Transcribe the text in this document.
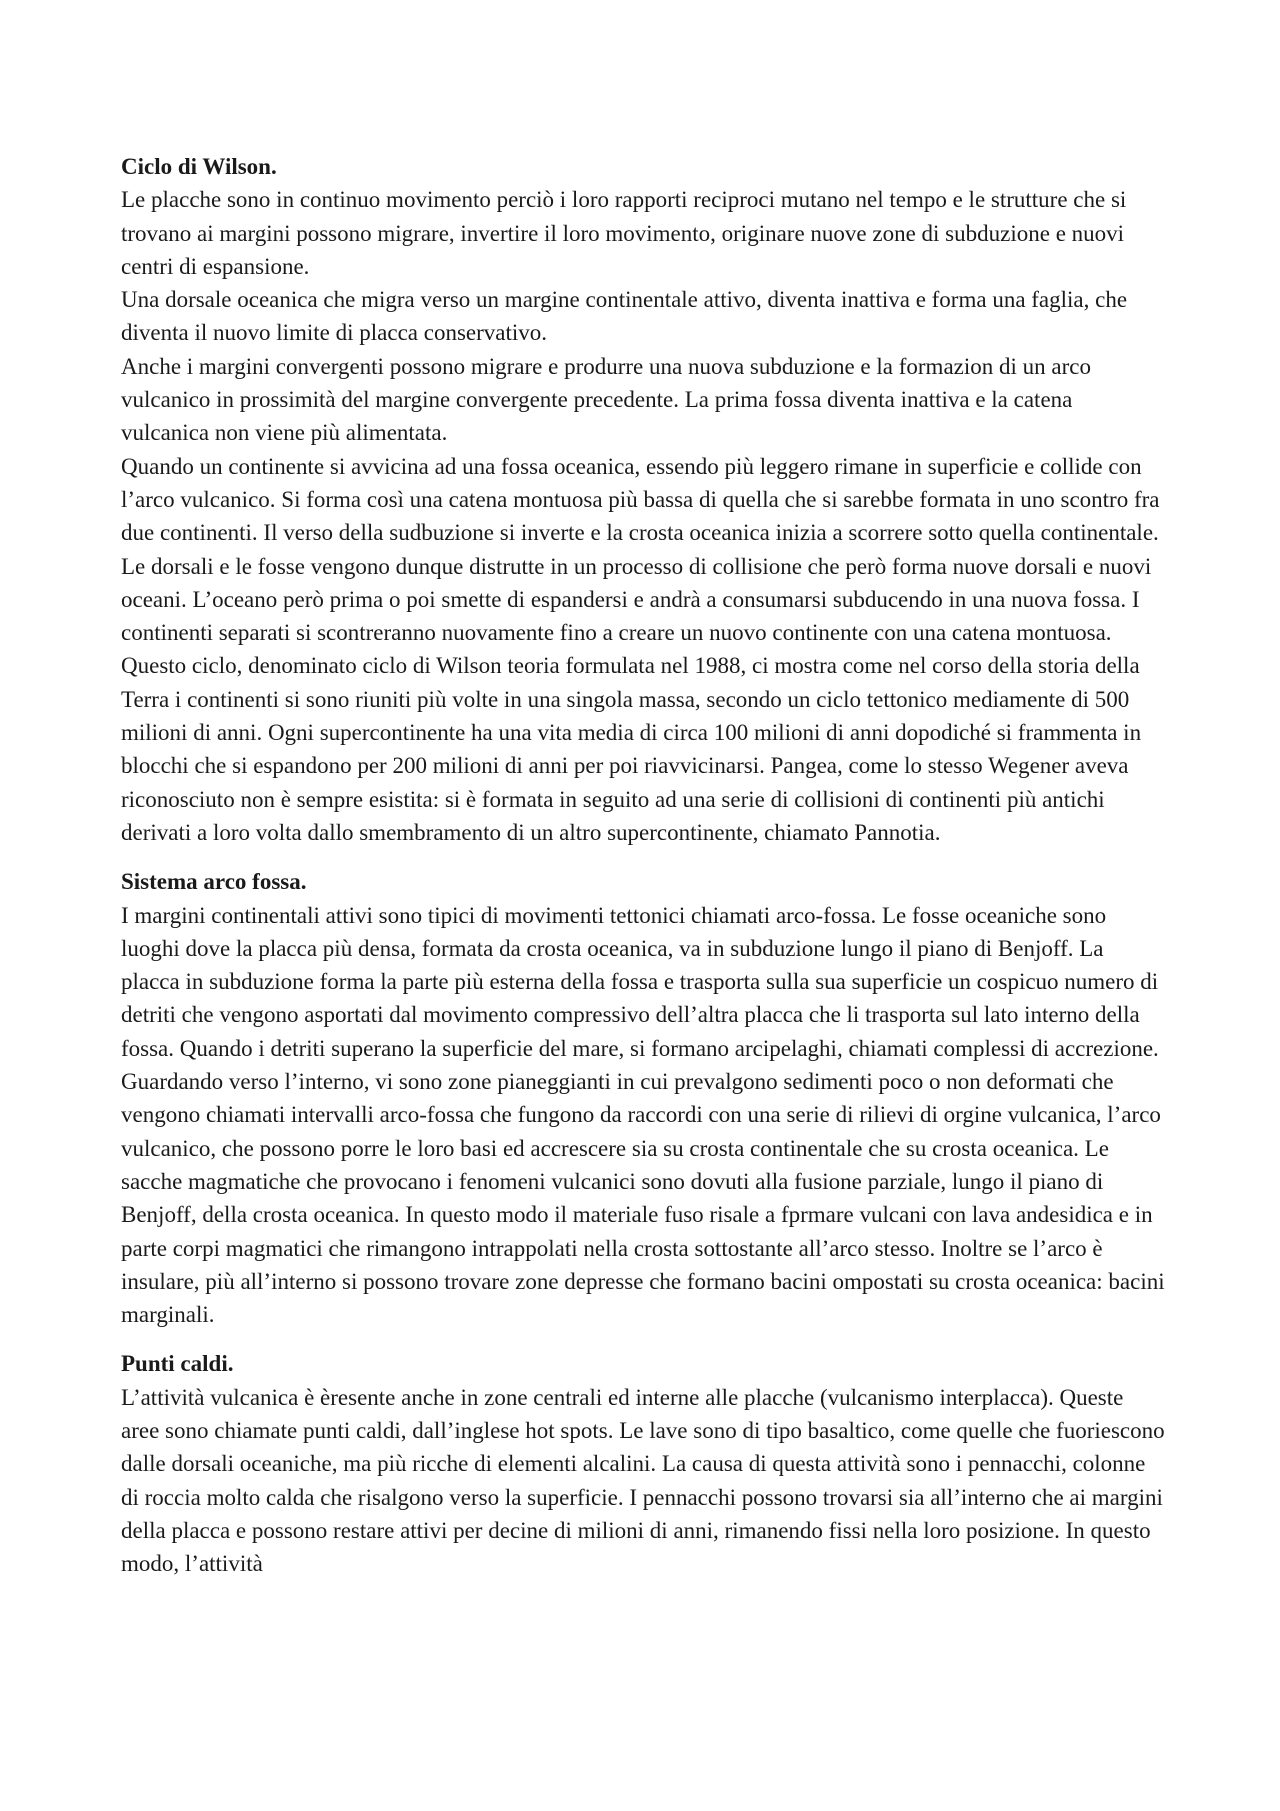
Ciclo di Wilson.

Le placche sono in continuo movimento perciò i loro rapporti reciproci mutano nel tempo e le strutture che si trovano ai margini possono migrare, invertire il loro movimento, originare nuove zone di subduzione e nuovi centri di espansione.

Una dorsale oceanica che migra verso un margine continentale attivo, diventa inattiva e forma una faglia, che diventa il nuovo limite di placca conservativo.

Anche i margini convergenti possono migrare e produrre una nuova subduzione e la formazion di un arco vulcanico in prossimità del margine convergente precedente. La prima fossa diventa inattiva e la catena vulcanica non viene più alimentata.

Quando un continente si avvicina ad una fossa oceanica, essendo più leggero rimane in superficie e collide con l’arco vulcanico. Si forma così una catena montuosa più bassa di quella che si sarebbe formata in uno scontro fra due continenti. Il verso della sudbuzione si inverte e la crosta oceanica inizia a scorrere sotto quella continentale. Le dorsali e le fosse vengono dunque distrutte in un processo di collisione che però forma nuove dorsali e nuovi oceani. L’oceano però prima o poi smette di espandersi e andrà a consumarsi subducendo in una nuova fossa. I continenti separati si scontreranno nuovamente fino a creare un nuovo continente con una catena montuosa. Questo ciclo, denominato ciclo di Wilson teoria formulata nel 1988, ci mostra come nel corso della storia della Terra i continenti si sono riuniti più volte in una singola massa, secondo un ciclo tettonico mediamente di 500 milioni di anni. Ogni supercontinente ha una vita media di circa 100 milioni di anni dopodiché si frammenta in blocchi che si espandono per 200 milioni di anni per poi riavvicinarsi. Pangea, come lo stesso Wegener aveva riconosciuto non è sempre esistita: si è formata in seguito ad una serie di collisioni di continenti più antichi derivati a loro volta dallo smembramento di un altro supercontinente, chiamato Pannotia.

Sistema arco fossa.

I margini continentali attivi sono tipici di movimenti tettonici chiamati arco-fossa. Le fosse oceaniche sono luoghi dove la placca più densa, formata da crosta oceanica, va in subduzione lungo il piano di Benjoff. La placca in subduzione forma la parte più esterna della fossa e trasporta sulla sua superficie un cospicuo numero di detriti che vengono asportati dal movimento compressivo dell’altra placca che li trasporta sul lato interno della fossa. Quando i detriti superano la superficie del mare, si formano arcipelaghi, chiamati complessi di accrezione. Guardando verso l’interno, vi sono zone pianeggianti in cui prevalgono sedimenti poco o non deformati che vengono chiamati intervalli arco-fossa che fungono da raccordi con una serie di rilievi di orgine vulcanica, l’arco vulcanico, che possono porre le loro basi ed accrescere sia su crosta continentale che su crosta oceanica. Le sacche magmatiche che provocano i fenomeni vulcanici sono dovuti alla fusione parziale, lungo il piano di Benjoff, della crosta oceanica. In questo modo il materiale fuso risale a fprmare vulcani con lava andesidica e in parte corpi magmatici che rimangono intrappolati nella crosta sottostante all’arco stesso. Inoltre se l’arco è insulare, più all’interno si possono trovare zone depresse che formano bacini ompostati su crosta oceanica: bacini marginali.

Punti caldi.

L’attività vulcanica è èresente anche in zone centrali ed interne alle placche (vulcanismo interplacca). Queste aree sono chiamate punti caldi, dall’inglese hot spots. Le lave sono di tipo basaltico, come quelle che fuoriescono dalle dorsali oceaniche, ma più ricche di elementi alcalini. La causa di questa attività sono i pennacchi, colonne di roccia molto calda che risalgono verso la superficie. I pennacchi possono trovarsi sia all’interno che ai margini della placca e possono restare attivi per decine di milioni di anni, rimanendo fissi nella loro posizione. In questo modo, l’attività
